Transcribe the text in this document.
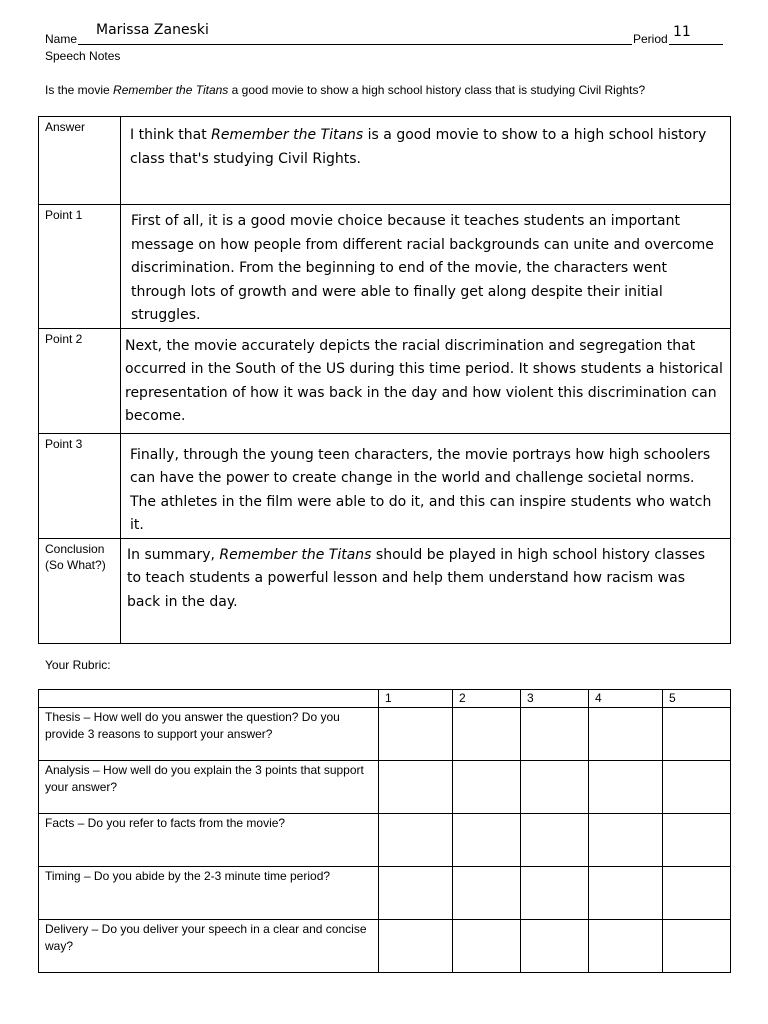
Name
Marissa Zaneski
Period 11
Speech Notes
Is the movie Remember the Titans a good movie to show a high school history class that is studying Civil Rights?
Answer	I think that Remember the Titans is a good movie to show to a high school history class that's studying Civil Rights.

Point 1	First of all, it is a good movie choice because it teaches students an important message on how people from different racial backgrounds can unite and overcome discrimination. From the beginning to end of the movie, the characters went through lots of growth and were able to finally get along despite their initial struggles.

Point 2	Next, the movie accurately depicts the racial discrimination and segregation that occurred in the South of the US during this time period. It shows students a historical representation of how it was back in the day and how violent this discrimination can become.

Point 3	Finally, through the young teen characters, the movie portrays how high schoolers can have the power to create change in the world and challenge societal norms. The athletes in the film were able to do it, and this can inspire students who watch it.

Conclusion (So What?)	In summary, Remember the Titans should be played in high school history classes to teach students a powerful lesson and help them understand how racism was back in the day.
Your Rubric:
	1	2	3	4	5
Thesis – How well do you answer the question? Do you provide 3 reasons to support your answer?					
Analysis – How well do you explain the 3 points that support your answer?					
Facts – Do you refer to facts from the movie?					
Timing – Do you abide by the 2-3 minute time period?					
Delivery – Do you deliver your speech in a clear and concise way?					
